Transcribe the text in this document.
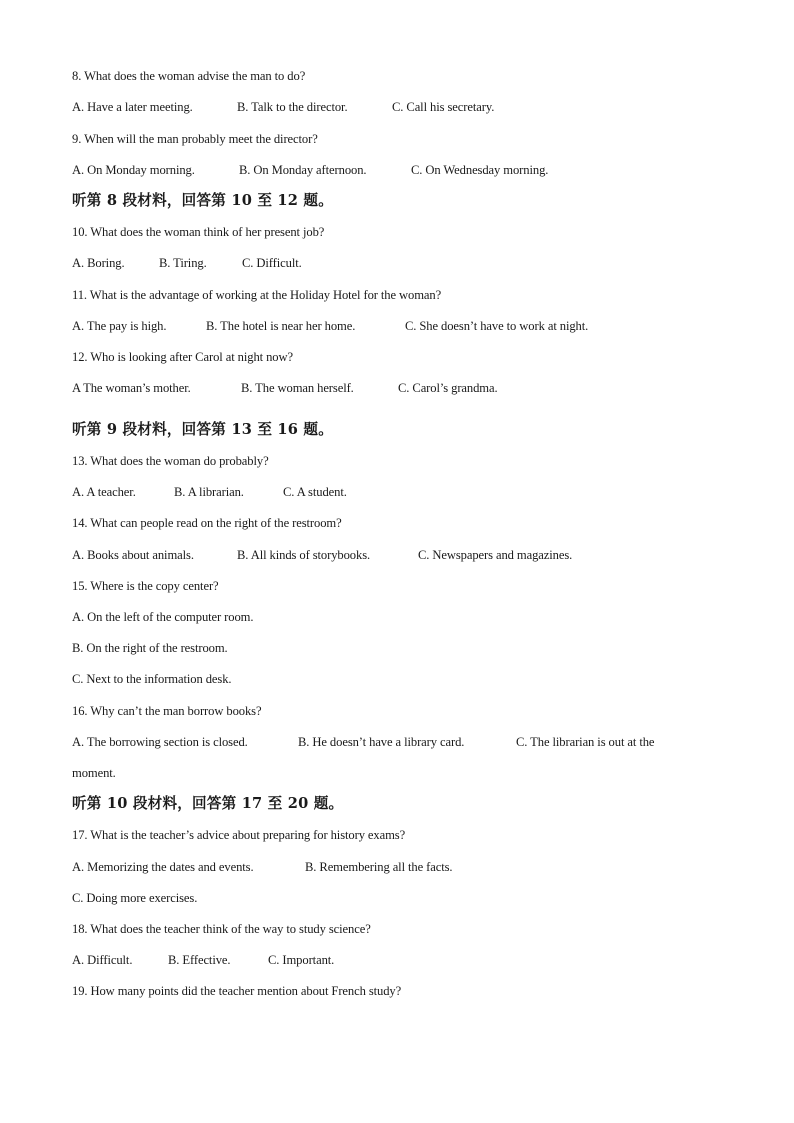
8. What does the woman advise the man to do?
A. Have a later meeting.	B. Talk to the director.	C. Call his secretary.
9. When will the man probably meet the director?
A. On Monday morning.	B. On Monday afternoon.	C. On Wednesday morning.
听第 8 段材料，回答第 10 至 12 题。
10. What does the woman think of her present job?
A. Boring.	B. Tiring.	C. Difficult.
11. What is the advantage of working at the Holiday Hotel for the woman?
A. The pay is high.	B. The hotel is near her home.	C. She doesn’t have to work at night.
12. Who is looking after Carol at night now?
A The woman’s mother.	B. The woman herself.	C. Carol’s grandma.
听第 9 段材料，回答第 13 至 16 题。
13. What does the woman do probably?
A. A teacher.	B. A librarian.	C. A student.
14. What can people read on the right of the restroom?
A. Books about animals.	B. All kinds of storybooks.	C. Newspapers and magazines.
15. Where is the copy center?
A. On the left of the computer room.
B. On the right of the restroom.
C. Next to the information desk.
16. Why can’t the man borrow books?
A. The borrowing section is closed.	B. He doesn’t have a library card.	C. The librarian is out at the
moment.
听第 10 段材料，回答第 17 至 20 题。
17. What is the teacher’s advice about preparing for history exams?
A. Memorizing the dates and events.	B. Remembering all the facts.
C. Doing more exercises.
18. What does the teacher think of the way to study science?
A. Difficult.	B. Effective.	C. Important.
19. How many points did the teacher mention about French study?
